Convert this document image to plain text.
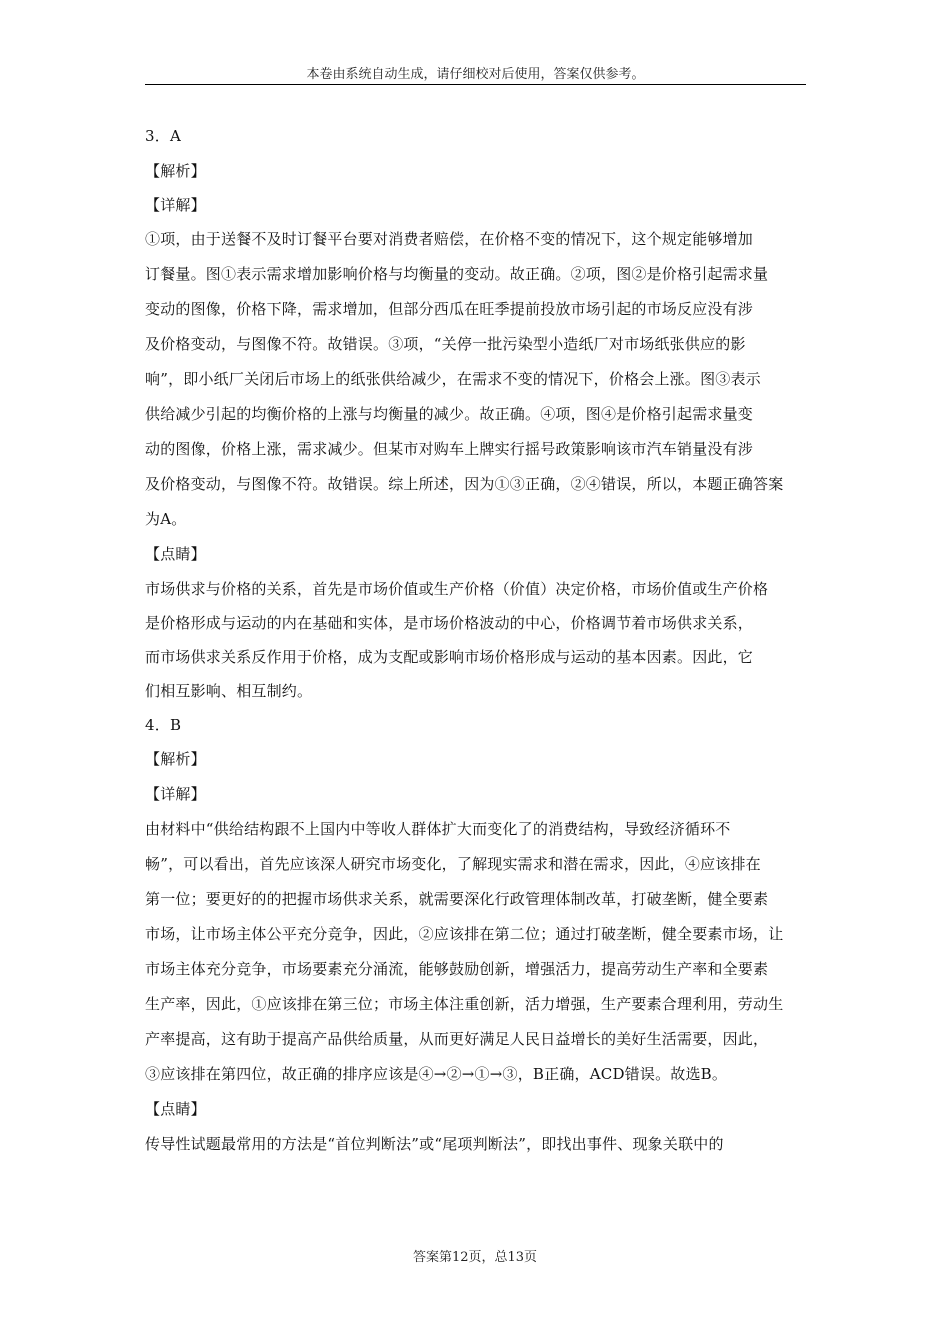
本卷由系统自动生成，请仔细校对后使用，答案仅供参考。
3．A
【解析】
【详解】
①项，由于送餐不及时订餐平台要对消费者赔偿，在价格不变的情况下，这个规定能够增加
订餐量。图①表示需求增加影响价格与均衡量的变动。故正确。②项，图②是价格引起需求量
变动的图像，价格下降，需求增加，但部分西瓜在旺季提前投放市场引起的市场反应没有涉
及价格变动，与图像不符。故错误。③项，“关停一批污染型小造纸厂对市场纸张供应的影
响”，即小纸厂关闭后市场上的纸张供给减少，在需求不变的情况下，价格会上涨。图③表示
供给减少引起的均衡价格的上涨与均衡量的减少。故正确。④项，图④是价格引起需求量变
动的图像，价格上涨，需求减少。但某市对购车上牌实行摇号政策影响该市汽车销量没有涉
及价格变动，与图像不符。故错误。综上所述，因为①③正确，②④错误，所以，本题正确答案
为A。
【点睛】
市场供求与价格的关系，首先是市场价值或生产价格（价值）决定价格，市场价值或生产价格
是价格形成与运动的内在基础和实体，是市场价格波动的中心，价格调节着市场供求关系，
而市场供求关系反作用于价格，成为支配或影响市场价格形成与运动的基本因素。因此，它
们相互影响、相互制约。
4．B
【解析】
【详解】
由材料中“供给结构跟不上国内中等收人群体扩大而变化了的消费结构，导致经济循环不
畅”，可以看出，首先应该深人研究市场变化，了解现实需求和潜在需求，因此，④应该排在
第一位；要更好的的把握市场供求关系，就需要深化行政管理体制改革，打破垄断，健全要素
市场，让市场主体公平充分竞争，因此，②应该排在第二位；通过打破垄断，健全要素市场，让
市场主体充分竞争，市场要素充分涌流，能够鼓励创新，增强活力，提高劳动生产率和全要素
生产率，因此，①应该排在第三位；市场主体注重创新，活力增强，生产要素合理利用，劳动生
产率提高，这有助于提高产品供给质量，从而更好满足人民日益增长的美好生活需要，因此，
③应该排在第四位，故正确的排序应该是④→②→①→③，B正确，ACD错误。故选B。
【点睛】
传导性试题最常用的方法是“首位判断法”或“尾项判断法”，即找出事件、现象关联中的
答案第12页，总13页
